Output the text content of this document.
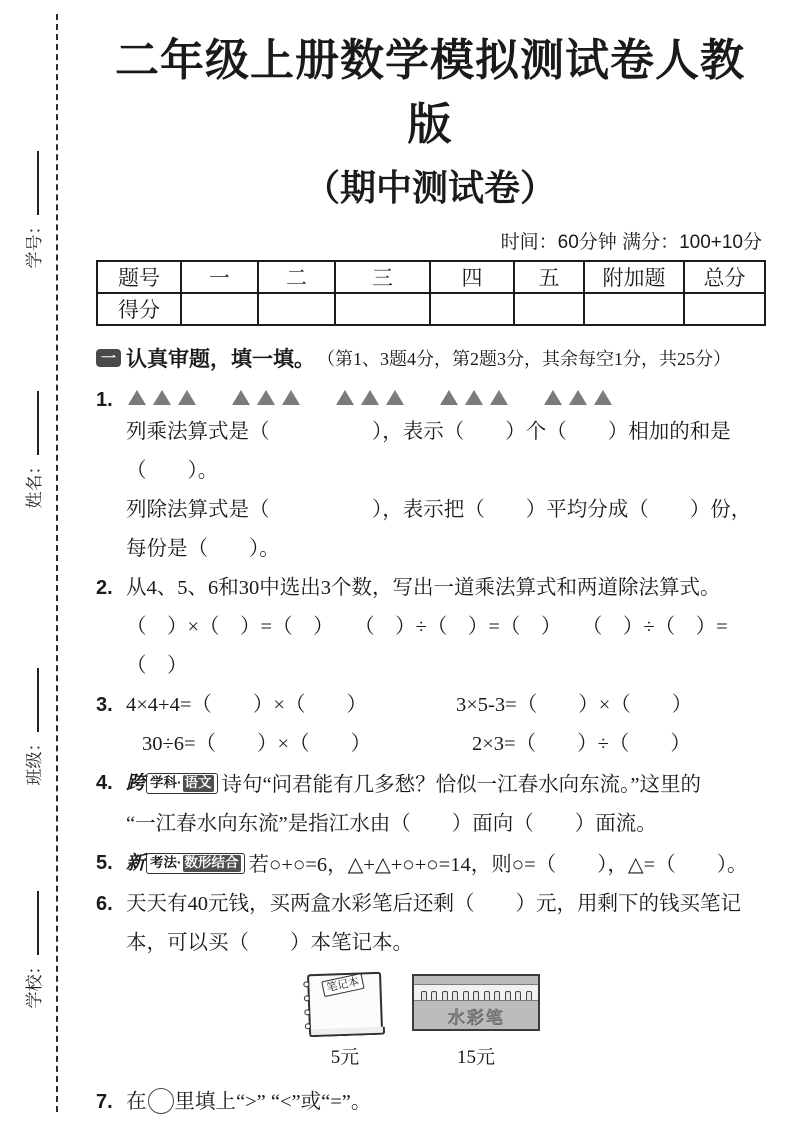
学号：
姓名：
班级：
学校：
二年级上册数学模拟测试卷人教版
（期中测试卷）
时间：60分钟 满分：100+10分
题号	一	二	三	四	五	附加题	总分
得分							
一 认真审题，填一填。 （第1、3题4分，第2题3分，其余每空1分，共25分）
1.

列乘法算式是（　　　　　），表示（　　）个（　　）相加的和是（　　）。

列除法算式是（　　　　　），表示把（　　）平均分成（　　）份，

每份是（　　）。

2. 从4、5、6和30中选出3个数，写出一道乘法算式和两道除法算式。

（　）×（　）=（　）　　（　）÷（　）=（　）　　（　）÷（　）=（　）

3. 4×4+4=（　　）×（　　）	3×5-3=（　　）×（　　）
30÷6=（　　）×（　　）	2×3=（　　）÷（　　）
4. 跨 学科· 语文 诗句“问君能有几多愁？恰似一江春水向东流。”这里的

“一江春水向东流”是指江水由（　　）面向（　　）面流。

5. 新 考法· 数形结合 若○+○=6，△+△+○+○=14，则○=（　　），△=（　　）。

6. 天天有40元钱，买两盒水彩笔后还剩（　　）元，用剩下的钱买笔记

本，可以买（　　）本笔记本。

笔记本
5元
水彩笔
15元
7. 在 里填上“>” “<”或“=”。
